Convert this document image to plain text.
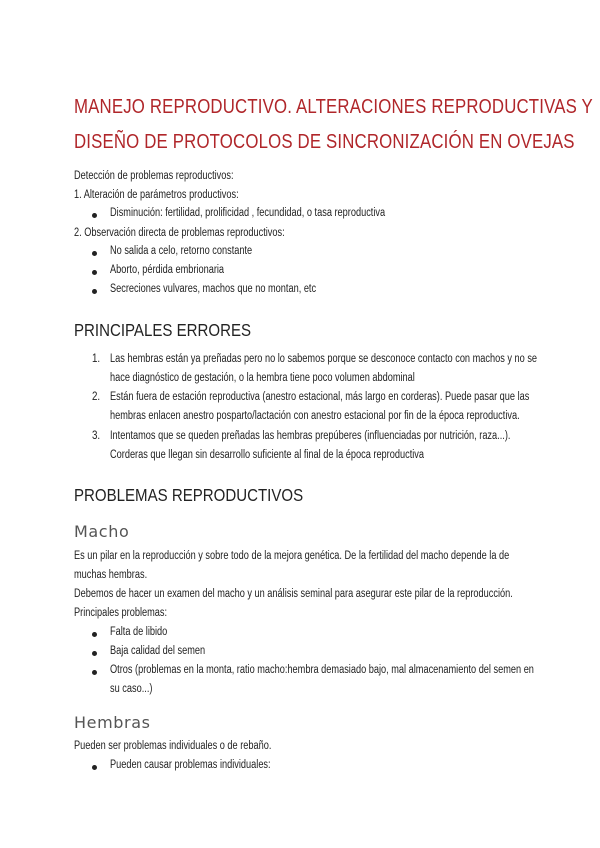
MANEJO REPRODUCTIVO. ALTERACIONES REPRODUCTIVAS Y
DISEÑO DE PROTOCOLOS DE SINCRONIZACIÓN EN OVEJAS
Detección de problemas reproductivos:
1. Alteración de parámetros productivos:
Disminución: fertilidad, prolificidad , fecundidad, o tasa reproductiva
2. Observación directa de problemas reproductivos:
No salida a celo, retorno constante
Aborto, pérdida embrionaria
Secreciones vulvares, machos que no montan, etc
PRINCIPALES ERRORES
1. Las hembras están ya preñadas pero no lo sabemos porque se desconoce contacto con machos y no se
hace diagnóstico de gestación, o la hembra tiene poco volumen abdominal
2. Están fuera de estación reproductiva (anestro estacional, más largo en corderas). Puede pasar que las
hembras enlacen anestro posparto/lactación con anestro estacional por fin de la época reproductiva.
3. Intentamos que se queden preñadas las hembras prepúberes (influenciadas por nutrición, raza...).
Corderas que llegan sin desarrollo suficiente al final de la época reproductiva
PROBLEMAS REPRODUCTIVOS
Macho
Es un pilar en la reproducción y sobre todo de la mejora genética. De la fertilidad del macho depende la de
muchas hembras.
Debemos de hacer un examen del macho y un análisis seminal para asegurar este pilar de la reproducción.
Principales problemas:
Falta de libido
Baja calidad del semen
Otros (problemas en la monta, ratio macho:hembra demasiado bajo, mal almacenamiento del semen en
su caso...)
Hembras
Pueden ser problemas individuales o de rebaño.
Pueden causar problemas individuales:
